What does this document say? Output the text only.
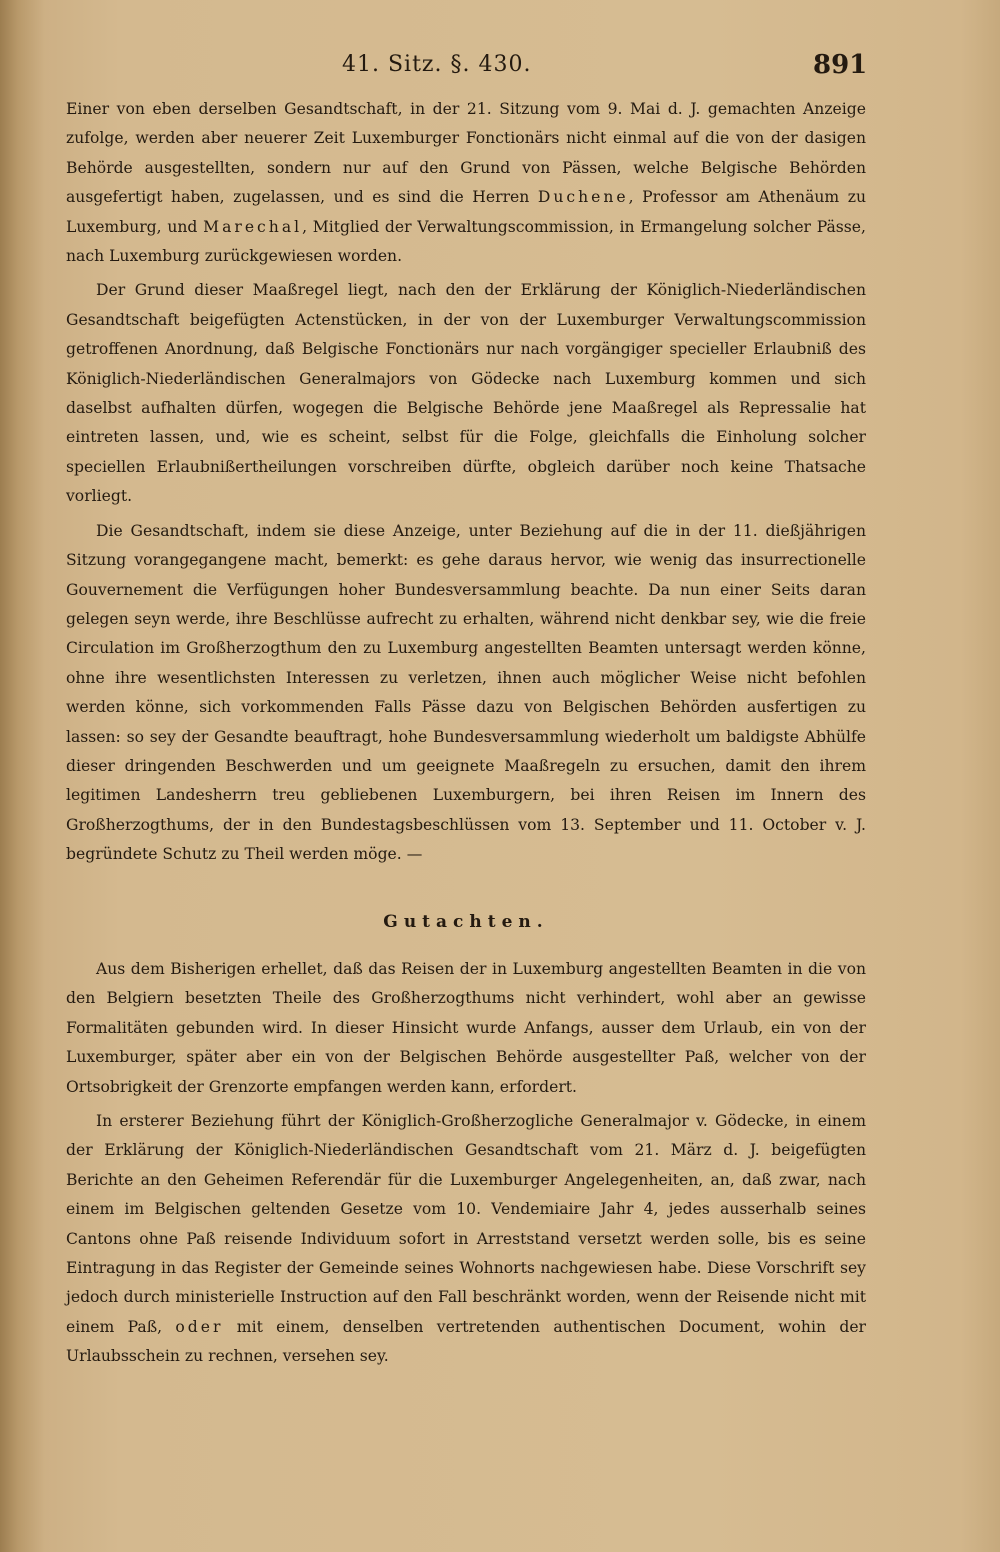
41. Sitz. §. 430.	891

Einer von eben derselben Gesandtschaft, in der 21. Sitzung vom 9. Mai d. J. gemachten Anzeige zufolge, werden aber neuerer Zeit Luxemburger Fonctionärs nicht einmal auf die von der dasigen Behörde ausgestellten, sondern nur auf den Grund von Pässen, welche Belgische Behörden ausgefertigt haben, zugelassen, und es sind die Herren Duchene, Professor am Athenäum zu Luxemburg, und Marechal, Mitglied der Verwaltungscommission, in Ermangelung solcher Pässe, nach Luxemburg zurückgewiesen worden.

Der Grund dieser Maaßregel liegt, nach den der Erklärung der Königlich-Niederländischen Gesandtschaft beigefügten Actenstücken, in der von der Luxemburger Verwaltungscommission getroffenen Anordnung, daß Belgische Fonctionärs nur nach vorgängiger specieller Erlaubniß des Königlich-Niederländischen Generalmajors von Gödecke nach Luxemburg kommen und sich daselbst aufhalten dürfen, wogegen die Belgische Behörde jene Maaßregel als Repressalie hat eintreten lassen, und, wie es scheint, selbst für die Folge, gleichfalls die Einholung solcher speciellen Erlaubnißertheilungen vorschreiben dürfte, obgleich darüber noch keine Thatsache vorliegt.

Die Gesandtschaft, indem sie diese Anzeige, unter Beziehung auf die in der 11. dießjährigen Sitzung vorangegangene macht, bemerkt: es gehe daraus hervor, wie wenig das insurrectionelle Gouvernement die Verfügungen hoher Bundesversammlung beachte. Da nun einer Seits daran gelegen seyn werde, ihre Beschlüsse aufrecht zu erhalten, während nicht denkbar sey, wie die freie Circulation im Großherzogthum den zu Luxemburg angestellten Beamten untersagt werden könne, ohne ihre wesentlichsten Interessen zu verletzen, ihnen auch möglicher Weise nicht befohlen werden könne, sich vorkommenden Falls Pässe dazu von Belgischen Behörden ausfertigen zu lassen: so sey der Gesandte beauftragt, hohe Bundesversammlung wiederholt um baldigste Abhülfe dieser dringenden Beschwerden und um geeignete Maaßregeln zu ersuchen, damit den ihrem legitimen Landesherrn treu gebliebenen Luxemburgern, bei ihren Reisen im Innern des Großherzogthums, der in den Bundestagsbeschlüssen vom 13. September und 11. October v. J. begründete Schutz zu Theil werden möge. —

Gutachten.

Aus dem Bisherigen erhellet, daß das Reisen der in Luxemburg angestellten Beamten in die von den Belgiern besetzten Theile des Großherzogthums nicht verhindert, wohl aber an gewisse Formalitäten gebunden wird. In dieser Hinsicht wurde Anfangs, ausser dem Urlaub, ein von der Luxemburger, später aber ein von der Belgischen Behörde ausgestellter Paß, welcher von der Ortsobrigkeit der Grenzorte empfangen werden kann, erfordert.

In ersterer Beziehung führt der Königlich-Großherzogliche Generalmajor v. Gödecke, in einem der Erklärung der Königlich-Niederländischen Gesandtschaft vom 21. März d. J. beigefügten Berichte an den Geheimen Referendär für die Luxemburger Angelegenheiten, an, daß zwar, nach einem im Belgischen geltenden Gesetze vom 10. Vendemiaire Jahr 4, jedes ausserhalb seines Cantons ohne Paß reisende Individuum sofort in Arreststand versetzt werden solle, bis es seine Eintragung in das Register der Gemeinde seines Wohnorts nachgewiesen habe. Diese Vorschrift sey jedoch durch ministerielle Instruction auf den Fall beschränkt worden, wenn der Reisende nicht mit einem Paß, oder mit einem, denselben vertretenden authentischen Document, wohin der Urlaubsschein zu rechnen, versehen sey.
